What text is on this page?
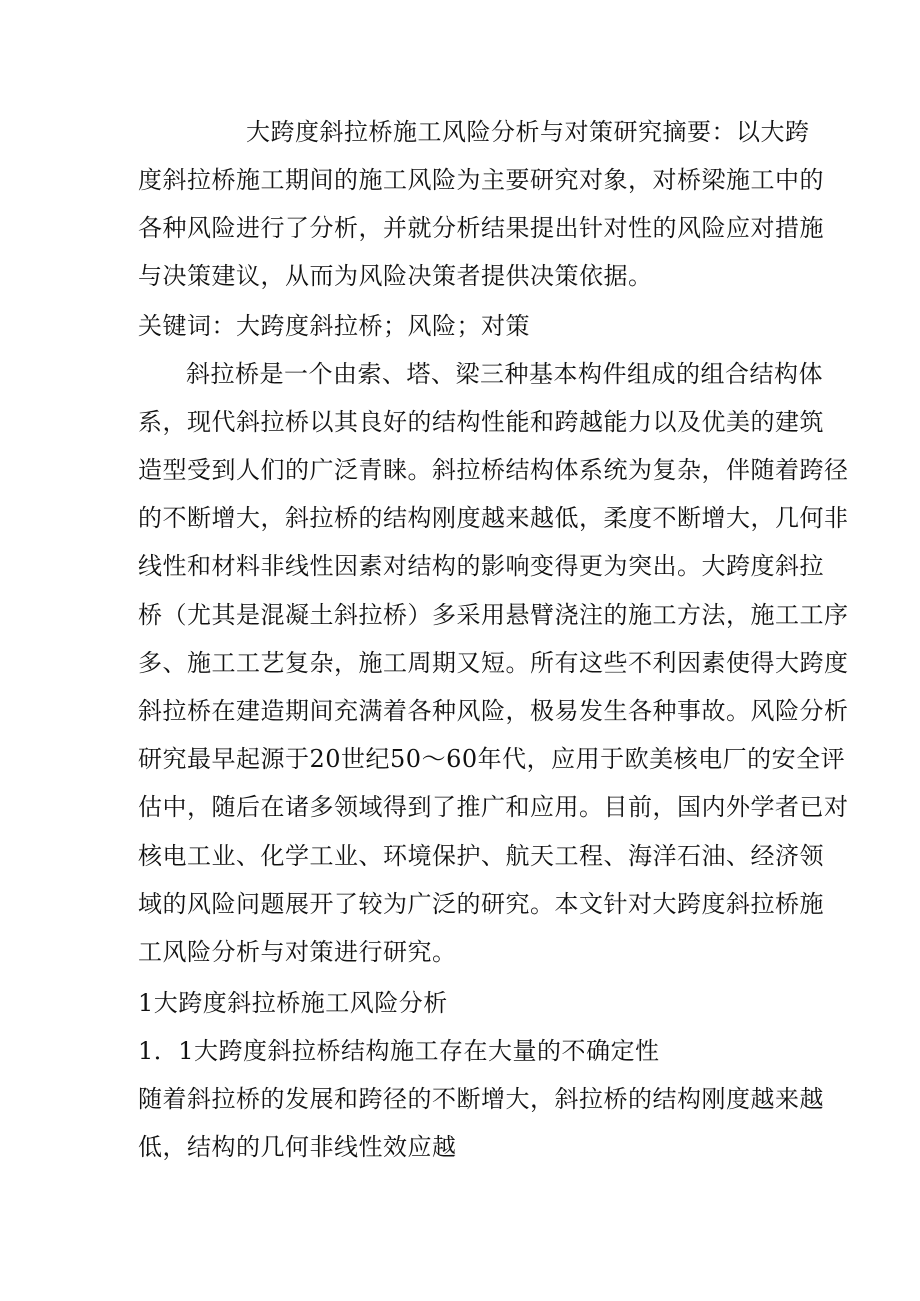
大跨度斜拉桥施工风险分析与对策研究摘要：以大跨
度斜拉桥施工期间的施工风险为主要研究对象，对桥梁施工中的
各种风险进行了分析，并就分析结果提出针对性的风险应对措施
与决策建议，从而为风险决策者提供决策依据。
关键词：大跨度斜拉桥；风险；对策
斜拉桥是一个由索、塔、梁三种基本构件组成的组合结构体
系，现代斜拉桥以其良好的结构性能和跨越能力以及优美的建筑
造型受到人们的广泛青睐。斜拉桥结构体系统为复杂，伴随着跨径
的不断增大，斜拉桥的结构刚度越来越低，柔度不断增大，几何非
线性和材料非线性因素对结构的影响变得更为突出。大跨度斜拉
桥（尤其是混凝土斜拉桥）多采用悬臂浇注的施工方法，施工工序
多、施工工艺复杂，施工周期又短。所有这些不利因素使得大跨度
斜拉桥在建造期间充满着各种风险，极易发生各种事故。风险分析
研究最早起源于20世纪50～60年代，应用于欧美核电厂的安全评
估中，随后在诸多领域得到了推广和应用。目前，国内外学者已对
核电工业、化学工业、环境保护、航天工程、海洋石油、经济领
域的风险问题展开了较为广泛的研究。本文针对大跨度斜拉桥施
工风险分析与对策进行研究。
1大跨度斜拉桥施工风险分析
1．1大跨度斜拉桥结构施工存在大量的不确定性
随着斜拉桥的发展和跨径的不断增大，斜拉桥的结构刚度越来越
低，结构的几何非线性效应越
